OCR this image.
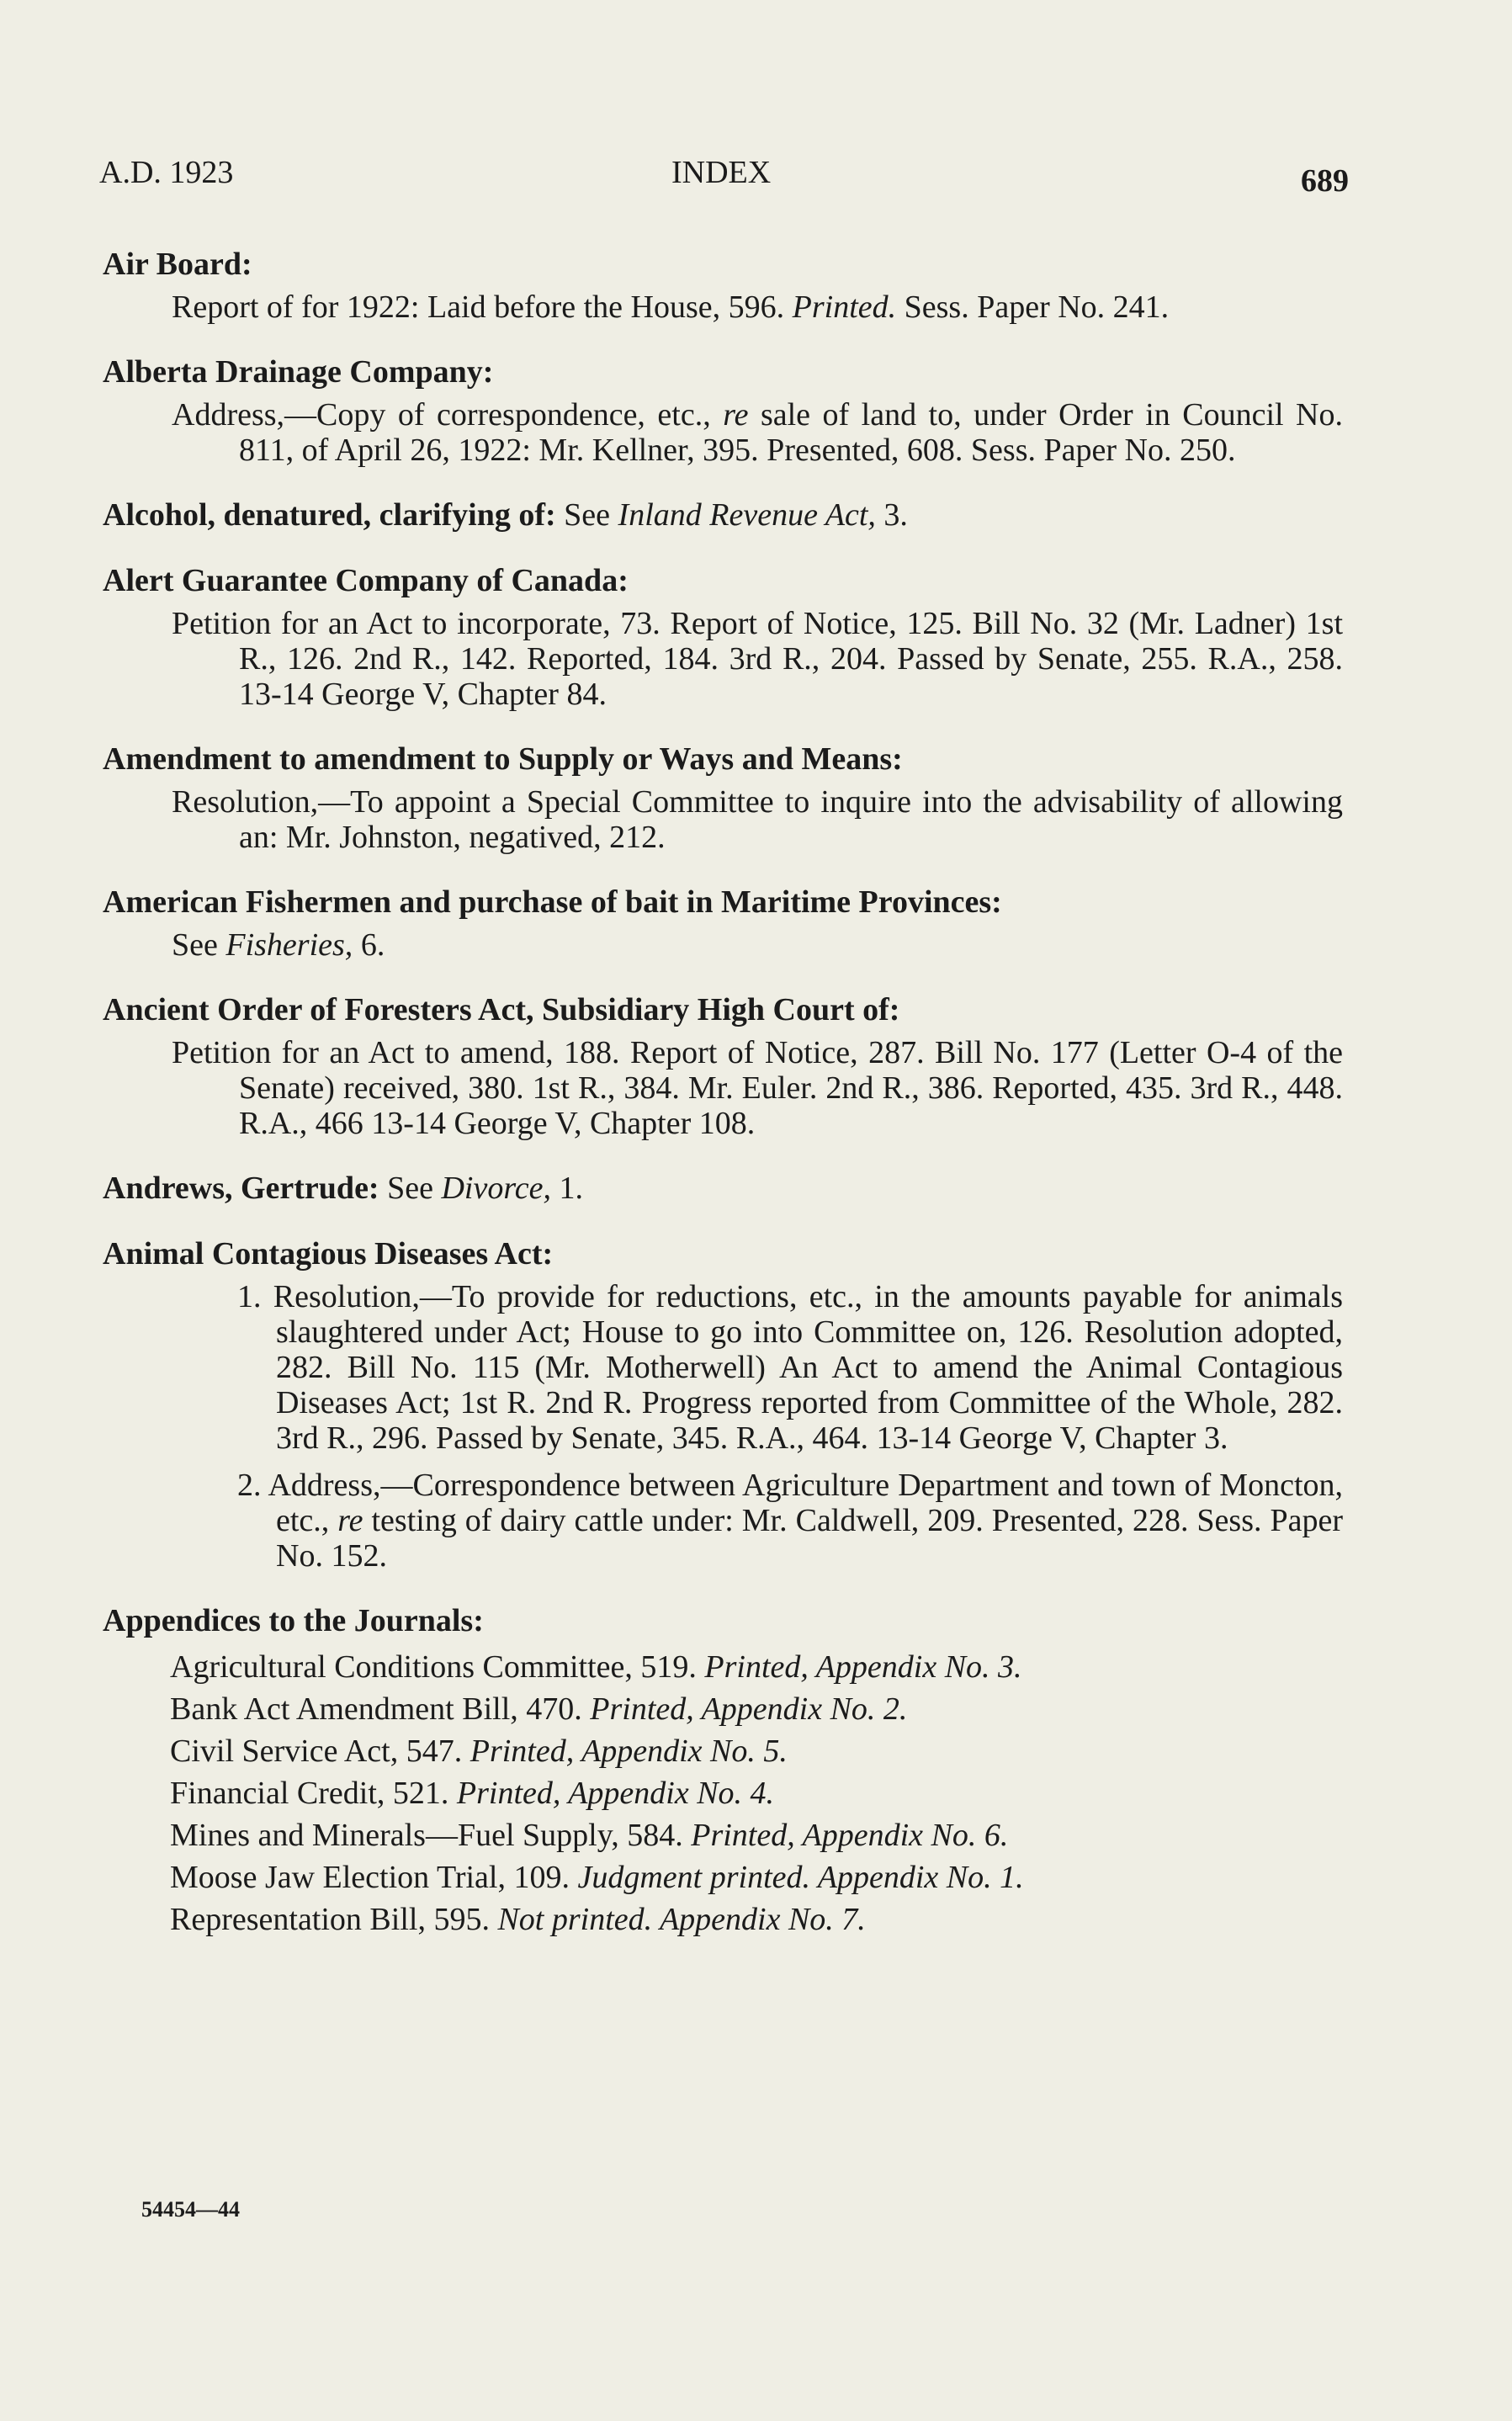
A.D. 1923	INDEX	689
Air Board:
Report of for 1922: Laid before the House, 596. Printed. Sess. Paper No. 241.
Alberta Drainage Company:
Address,—Copy of correspondence, etc., re sale of land to, under Order in Council No. 811, of April 26, 1922: Mr. Kellner, 395. Presented, 608. Sess. Paper No. 250.
Alcohol, denatured, clarifying of: See Inland Revenue Act, 3.
Alert Guarantee Company of Canada:
Petition for an Act to incorporate, 73. Report of Notice, 125. Bill No. 32 (Mr. Ladner) 1st R., 126. 2nd R., 142. Reported, 184. 3rd R., 204. Passed by Senate, 255. R.A., 258. 13-14 George V, Chapter 84.
Amendment to amendment to Supply or Ways and Means:
Resolution,—To appoint a Special Committee to inquire into the advisability of allowing an: Mr. Johnston, negatived, 212.
American Fishermen and purchase of bait in Maritime Provinces:
See Fisheries, 6.
Ancient Order of Foresters Act, Subsidiary High Court of:
Petition for an Act to amend, 188. Report of Notice, 287. Bill No. 177 (Letter O-4 of the Senate) received, 380. 1st R., 384. Mr. Euler. 2nd R., 386. Reported, 435. 3rd R., 448. R.A., 466 13-14 George V, Chapter 108.
Andrews, Gertrude: See Divorce, 1.
Animal Contagious Diseases Act:
1. Resolution,—To provide for reductions, etc., in the amounts payable for animals slaughtered under Act; House to go into Committee on, 126. Resolution adopted, 282. Bill No. 115 (Mr. Motherwell) An Act to amend the Animal Contagious Diseases Act; 1st R. 2nd R. Progress reported from Committee of the Whole, 282. 3rd R., 296. Passed by Senate, 345. R.A., 464. 13-14 George V, Chapter 3.
2. Address,—Correspondence between Agriculture Department and town of Moncton, etc., re testing of dairy cattle under: Mr. Caldwell, 209. Presented, 228. Sess. Paper No. 152.
Appendices to the Journals:
Agricultural Conditions Committee, 519. Printed, Appendix No. 3.
Bank Act Amendment Bill, 470. Printed, Appendix No. 2.
Civil Service Act, 547. Printed, Appendix No. 5.
Financial Credit, 521. Printed, Appendix No. 4.
Mines and Minerals—Fuel Supply, 584. Printed, Appendix No. 6.
Moose Jaw Election Trial, 109. Judgment printed. Appendix No. 1.
Representation Bill, 595. Not printed. Appendix No. 7.
54454—44
